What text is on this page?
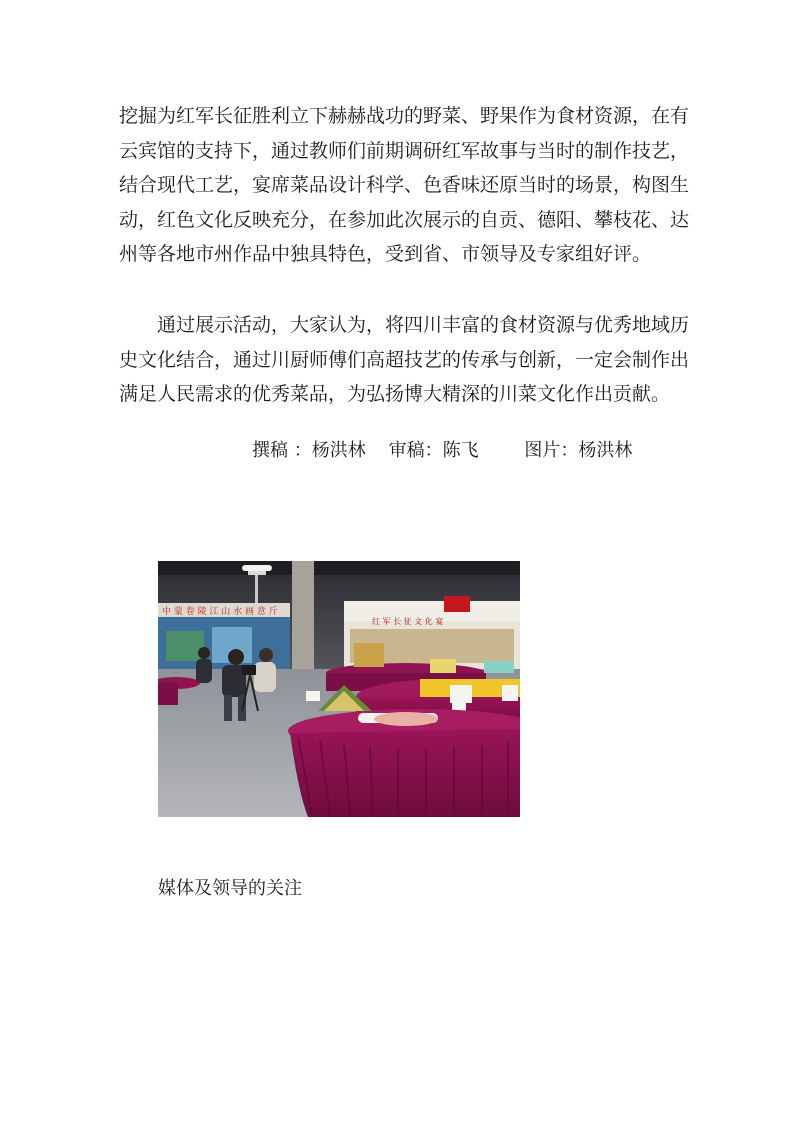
挖掘为红军长征胜利立下赫赫战功的野菜、野果作为食材资源，在有
云宾馆的支持下，通过教师们前期调研红军故事与当时的制作技艺，
结合现代工艺，宴席菜品设计科学、色香味还原当时的场景，构图生
动，红色文化反映充分，在参加此次展示的自贡、德阳、攀枝花、达
州等各地市州作品中独具特色，受到省、市领导及专家组好评。
通过展示活动，大家认为，将四川丰富的食材资源与优秀地域历
史文化结合，通过川厨师傅们高超技艺的传承与创新，一定会制作出
满足人民需求的优秀菜品，为弘扬博大精深的川菜文化作出贡献。
撰稿 ：杨洪林    审稿：陈飞        图片：杨洪林
中 蒙 卷 陵 江 山 水 画 意 斤
红 军 长 征 文 化 宴
媒体及领导的关注
